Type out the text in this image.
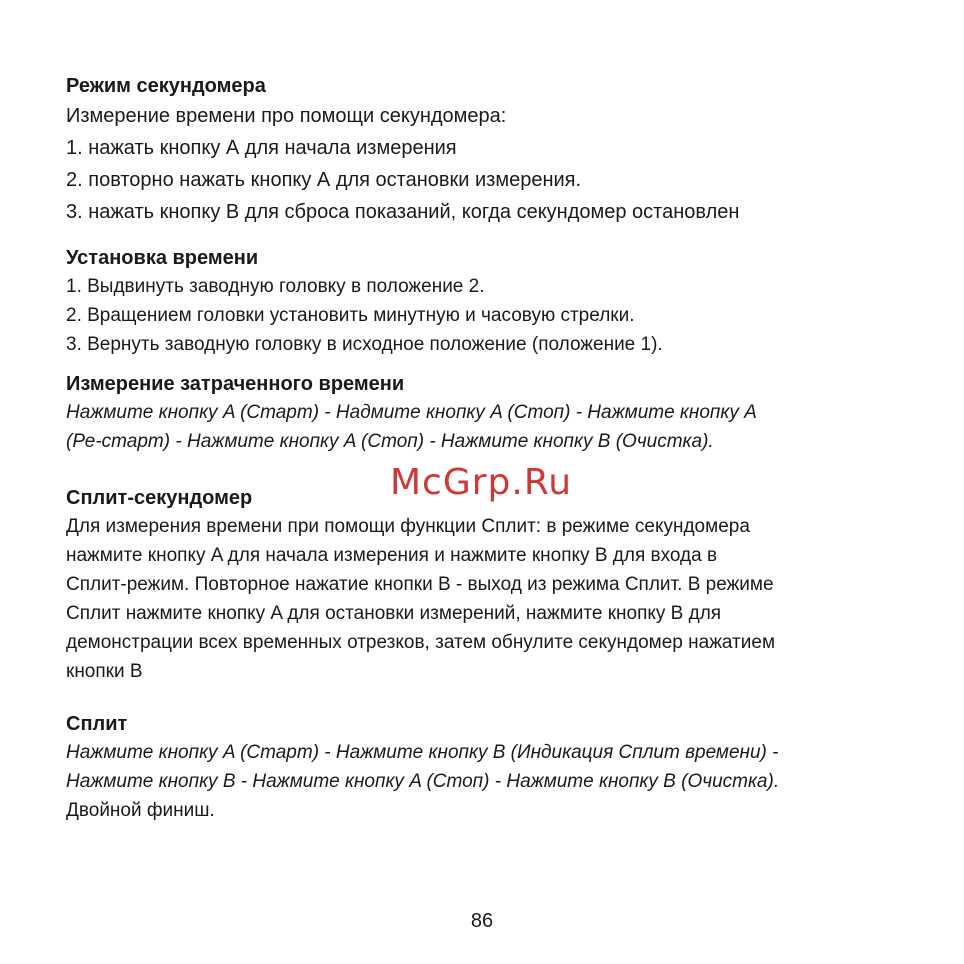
Режим секундомера

Измерение времени про помощи секундомера:

1. нажать кнопку А для начала измерения

2. повторно нажать кнопку А для остановки измерения.

3. нажать кнопку В для сброса показаний, когда секундомер остановлен

Установка времени

1. Выдвинуть заводную головку в положение 2.

2. Вращением головки установить минутную и часовую стрелки.

3. Вернуть заводную головку в исходное положение (положение 1).

Измерение затраченного времени

Нажмите кнопку A (Старт) - Надмите кнопку A (Стоп) - Нажмите кнопку A

(Ре-старт) - Нажмите кнопку A (Стоп) - Нажмите кнопку B (Очистка).

Сплит-секундомер

Для измерения времени при помощи функции Сплит: в режиме секундомера

нажмите кнопку A для начала измерения и нажмите кнопку B для входа в

Сплит-режим. Повторное нажатие кнопки B - выход из режима Сплит. В режиме

Сплит нажмите кнопку A для остановки измерений, нажмите кнопку B для

демонстрации всех временных отрезков, затем обнулите секундомер нажатием

кнопки B

Сплит

Нажмите кнопку A (Старт) - Нажмите кнопку B (Индикация Сплит времени) -

Нажмите кнопку B - Нажмите кнопку A (Стоп) - Нажмите кнопку B (Очистка).

Двойной финиш.

McGrp.Ru
86
